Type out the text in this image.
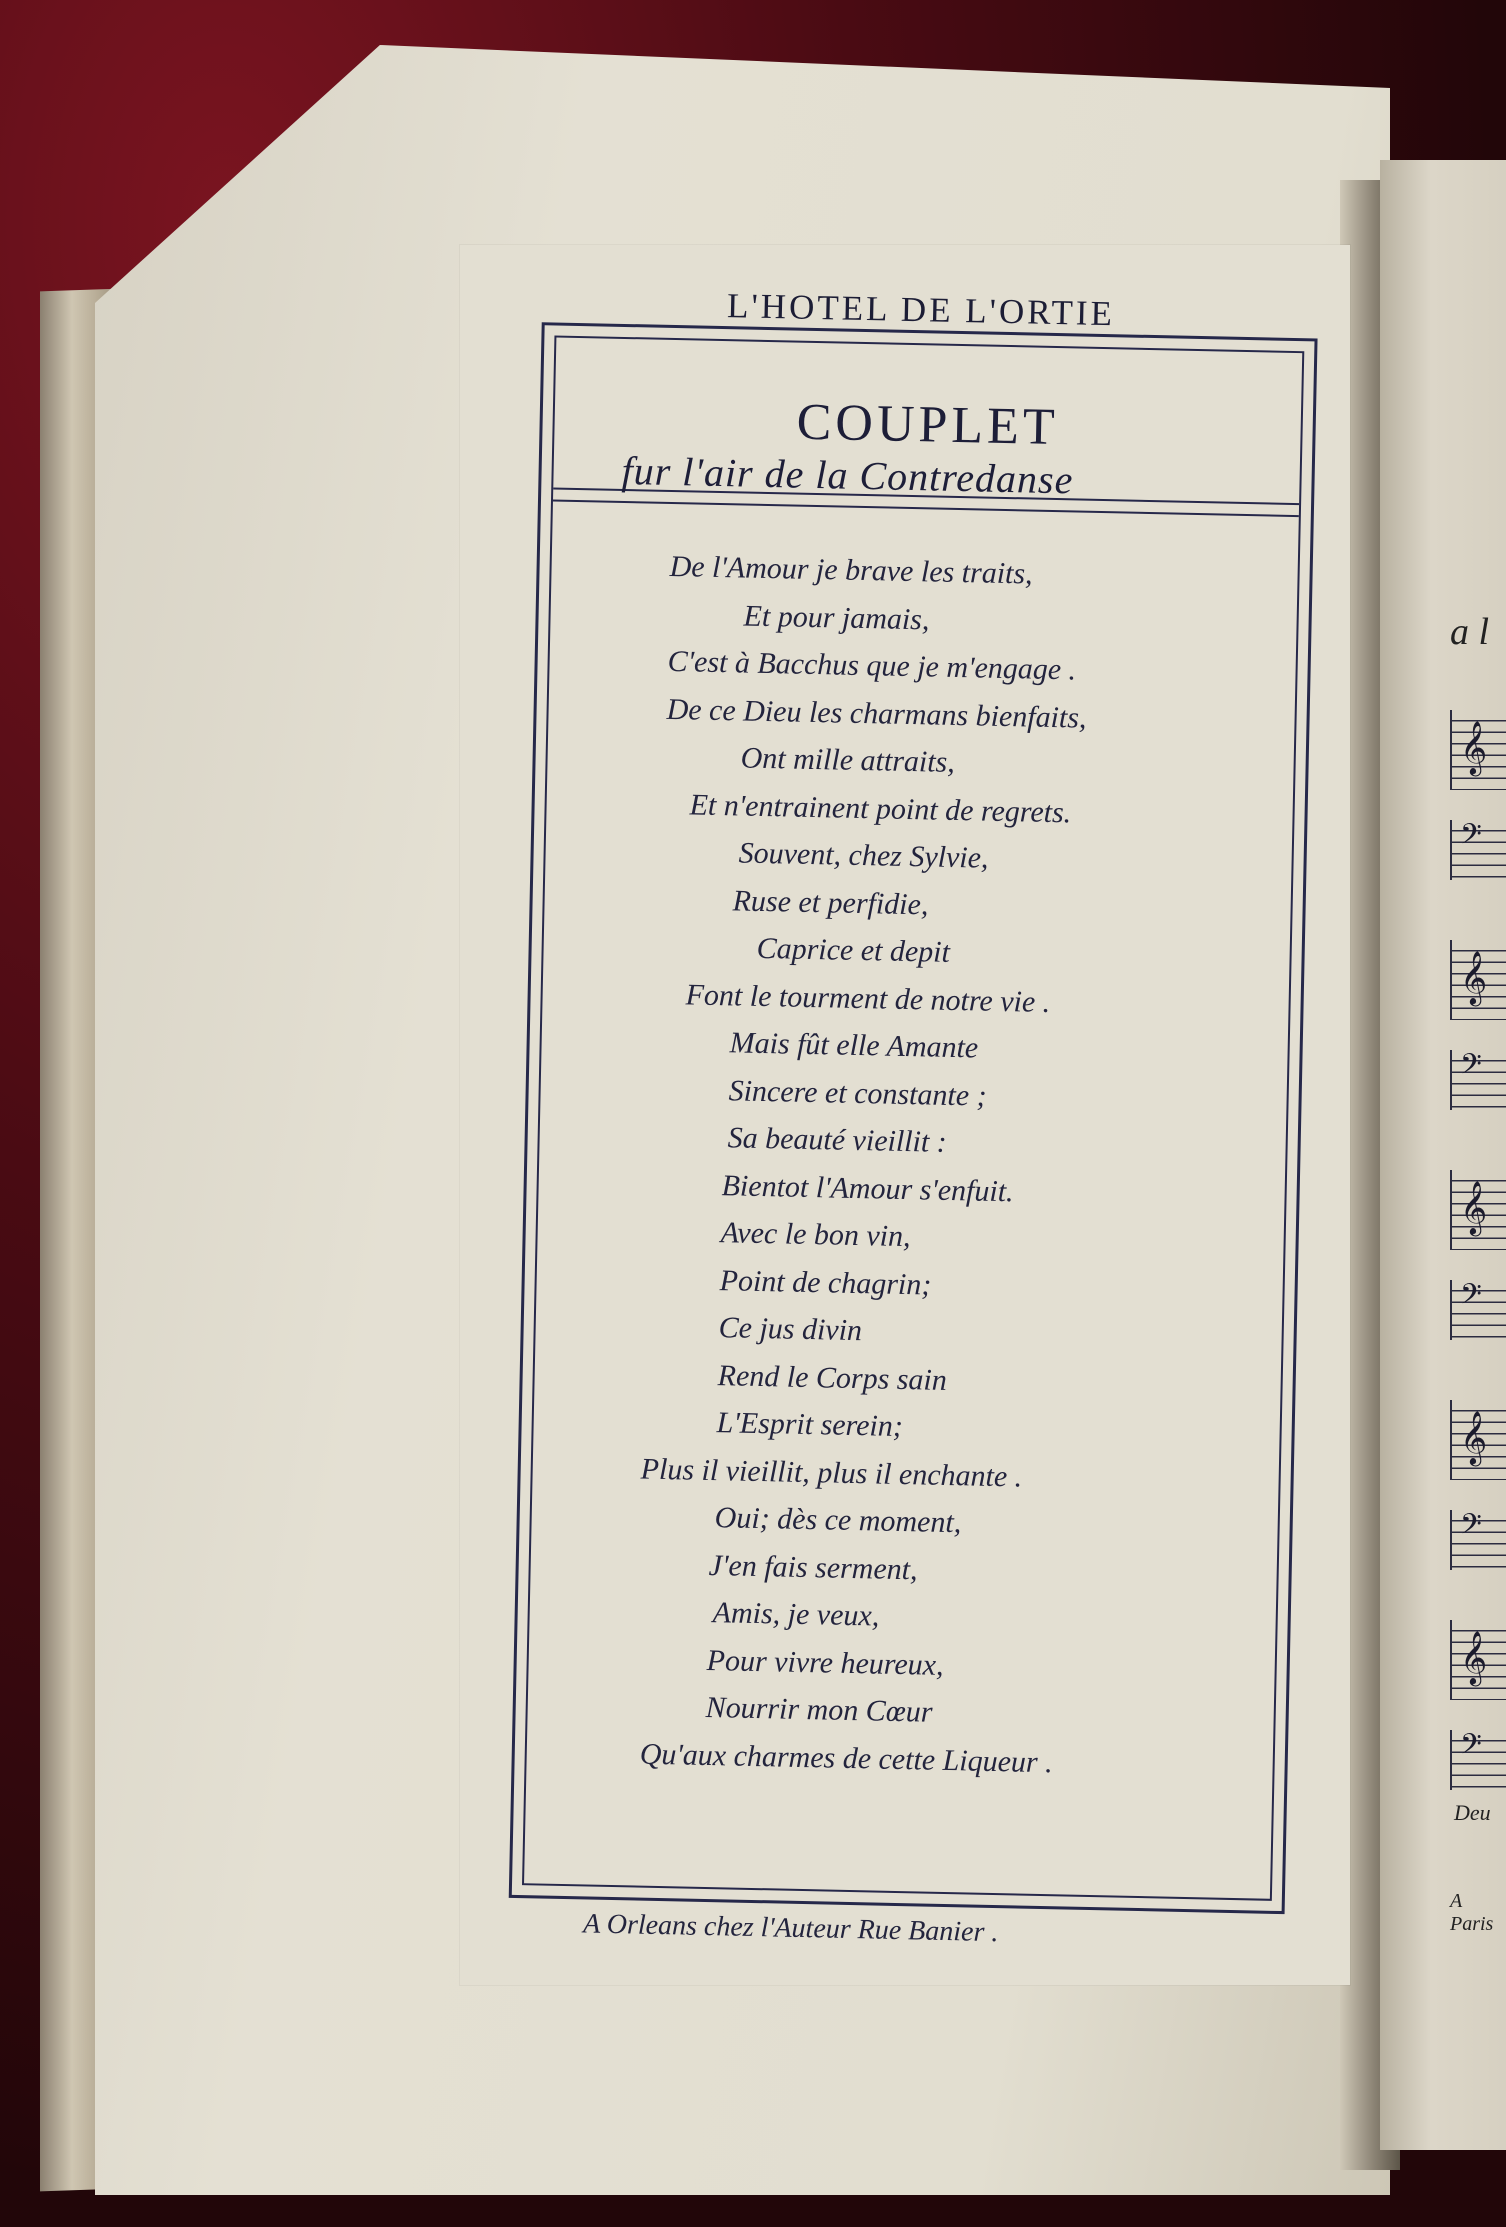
L'HOTEL DE L'ORTIE
COUPLET
fur l'air de la Contredanse
De l'Amour je brave les traits,
Et pour jamais,
C'est à Bacchus que je m'engage .
De ce Dieu les charmans bienfaits,
Ont mille attraits,
Et n'entrainent point de regrets.
Souvent, chez Sylvie,
Ruse et perfidie,
Caprice et depit
Font le tourment de notre vie .
Mais fût elle Amante
Sincere et constante ;
Sa beauté vieillit :
Bientot l'Amour s'enfuit.
Avec le bon vin,
Point de chagrin;
Ce jus divin
Rend le Corps sain
L'Esprit serein;
Plus il vieillit, plus il enchante .
Oui; dès ce moment,
J'en fais serment,
Amis, je veux,
Pour vivre heureux,
Nourrir mon Cœur
Qu'aux charmes de cette Liqueur .
A Orleans chez l'Auteur Rue Banier .
a l
𝄞
𝄢
𝄞
𝄢
𝄞
𝄢
𝄞
𝄢
𝄞
𝄢
Deu
A Paris
